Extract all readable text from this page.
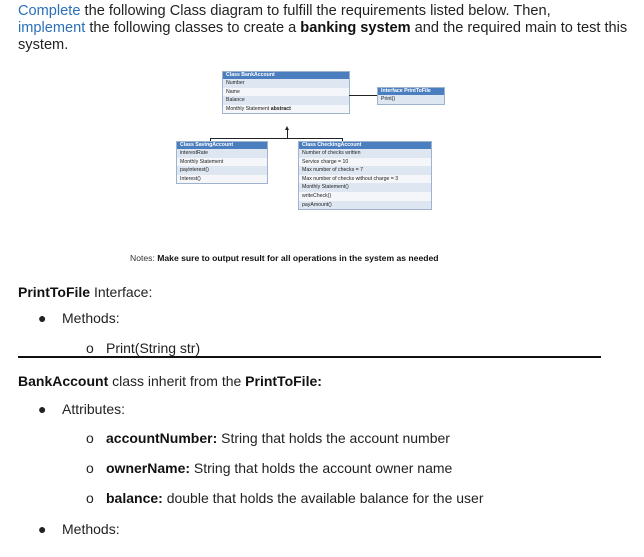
Complete the following Class diagram to fulfill the requirements listed below. Then,
implement the following classes to create a banking system and the required main to test this system.
Class BankAccount
Number
Name
Balance
Monthly Statement abstract
Interface PrintToFile
Print()
Class SavingAccount
interestRate
Monthly Statement
payinterest()
Interest()
Class CheckingAccount
Number of checks written
Service charge = 10
Max number of checks = 7
Max number of checks without charge = 3
Monthly Statement()
writeCheck()
payAmount()
Notes: Make sure to output result for all operations in the system as needed
PrintToFile Interface:
● Methods:
o Print(String str)
BankAccount class inherit from the PrintToFile:
● Attributes:
o accountNumber: String that holds the account number
o ownerName: String that holds the account owner name
o balance: double that holds the available balance for the user
● Methods:
